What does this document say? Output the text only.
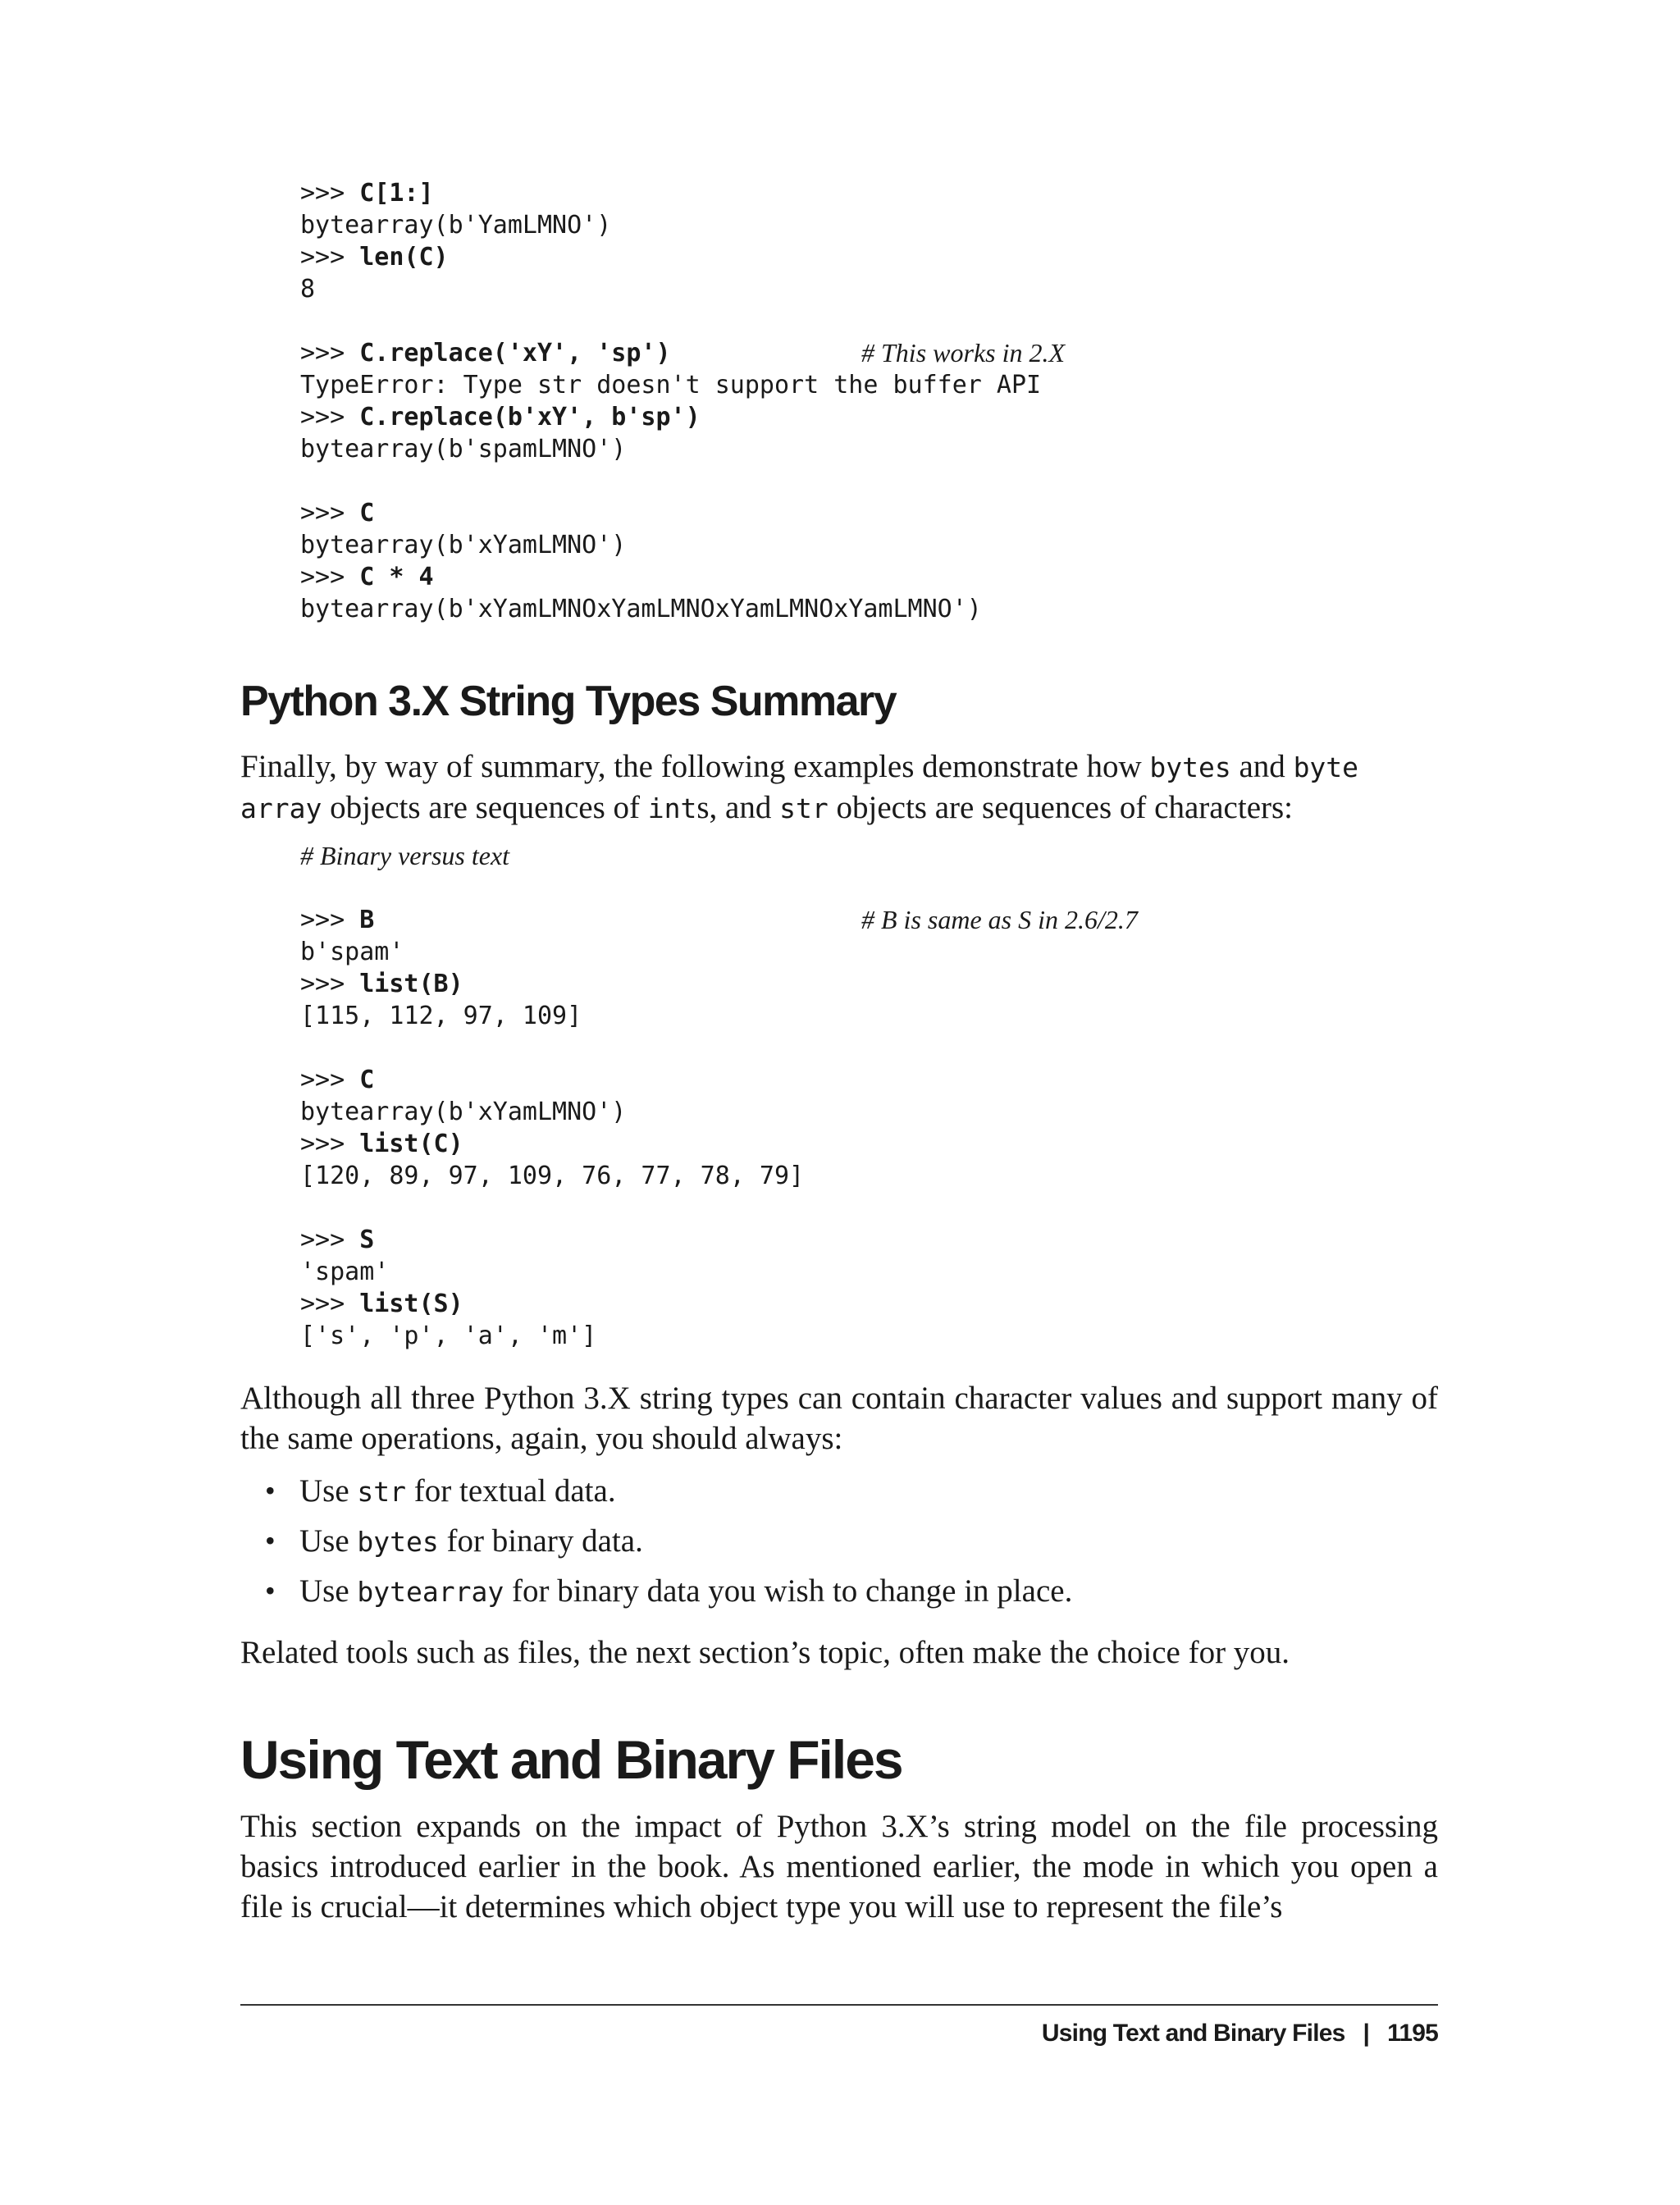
>>> C[1:]
bytearray(b'YamLMNO')
>>> len(C)
8
>>> C.replace('xY', 'sp')	# This works in 2.X
TypeError: Type str doesn't support the buffer API
>>> C.replace(b'xY', b'sp')
bytearray(b'spamLMNO')
>>> C
bytearray(b'xYamLMNO')
>>> C * 4
bytearray(b'xYamLMNOxYamLMNOxYamLMNOxYamLMNO')
Python 3.X String Types Summary

Finally, by way of summary, the following examples demonstrate how bytes and byte
array objects are sequences of ints, and str objects are sequences of characters:

# Binary versus text
>>> B	# B is same as S in 2.6/2.7
b'spam'
>>> list(B)
[115, 112, 97, 109]
>>> C
bytearray(b'xYamLMNO')
>>> list(C)
[120, 89, 97, 109, 76, 77, 78, 79]
>>> S
'spam'
>>> list(S)
['s', 'p', 'a', 'm']

Although all three Python 3.X string types can contain character values and support many of the same operations, again, you should always:

• Use str for textual data.
• Use bytes for binary data.
• Use bytearray for binary data you wish to change in place.

Related tools such as files, the next section’s topic, often make the choice for you.

Using Text and Binary Files

This section expands on the impact of Python 3.X’s string model on the file processing basics introduced earlier in the book. As mentioned earlier, the mode in which you open a file is crucial—it determines which object type you will use to represent the file’s

Using Text and Binary Files | 1195
